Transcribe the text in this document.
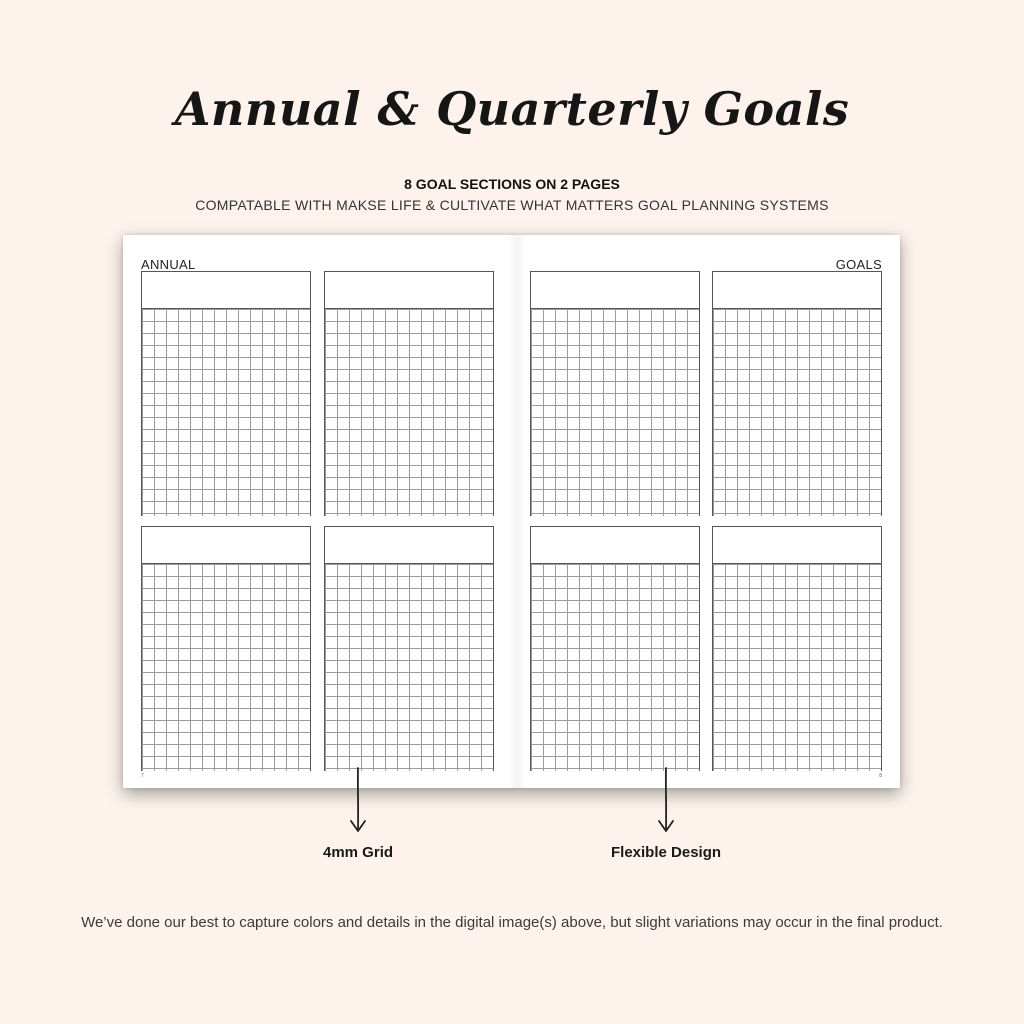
Annual & Quarterly Goals
8 GOAL SECTIONS ON 2 PAGES
COMPATABLE WITH MAKSE LIFE & CULTIVATE WHAT MATTERS GOAL PLANNING SYSTEMS
ANNUAL	GOALS
7	8
4mm Grid	Flexible Design
We’ve done our best to capture colors and details in the digital image(s) above, but slight variations may occur in the final product.
